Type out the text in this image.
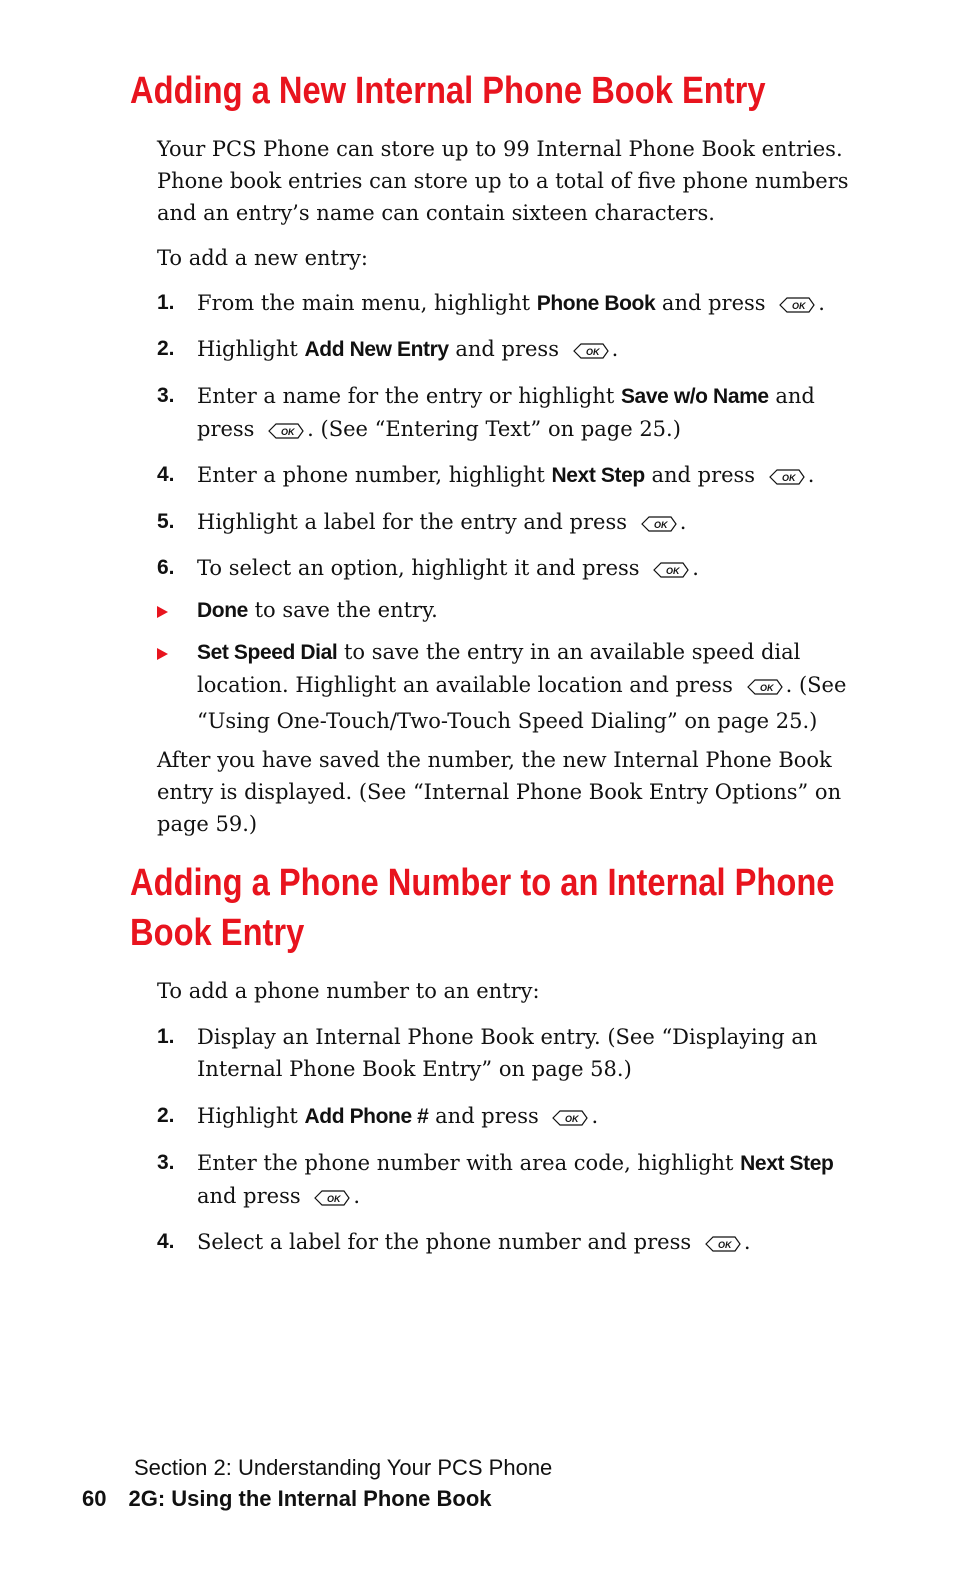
Adding a New Internal Phone Book Entry

Your PCS Phone can store up to 99 Internal Phone Book entries. Phone book entries can store up to a total of five phone numbers and an entry’s name can contain sixteen characters.

To add a new entry:

1. From the main menu, highlight Phone Book and press	OK .
2. Highlight Add New Entry and press	OK .
3. Enter a name for the entry or highlight Save w/o Name and press	OK . (See “Entering Text” on page 25.)
4. Enter a phone number, highlight Next Step and press	OK .
5. Highlight a label for the entry and press	OK .
6. To select an option, highlight it and press	OK .
Done to save the entry.
Set Speed Dial to save the entry in an available speed dial location. Highlight an available location and press	OK . (See “Using One-Touch/Two-Touch Speed Dialing” on page 25.)

After you have saved the number, the new Internal Phone Book entry is displayed. (See “Internal Phone Book Entry Options” on page 59.)

Adding a Phone Number to an Internal Phone
Book Entry

To add a phone number to an entry:

1. Display an Internal Phone Book entry. (See “Displaying an Internal Phone Book Entry” on page 58.)
2. Highlight Add Phone # and press	OK .
3. Enter the phone number with area code, highlight Next Step and press	OK .
4. Select a label for the phone number and press	OK .

Section 2: Understanding Your PCS Phone

60 2G: Using the Internal Phone Book
